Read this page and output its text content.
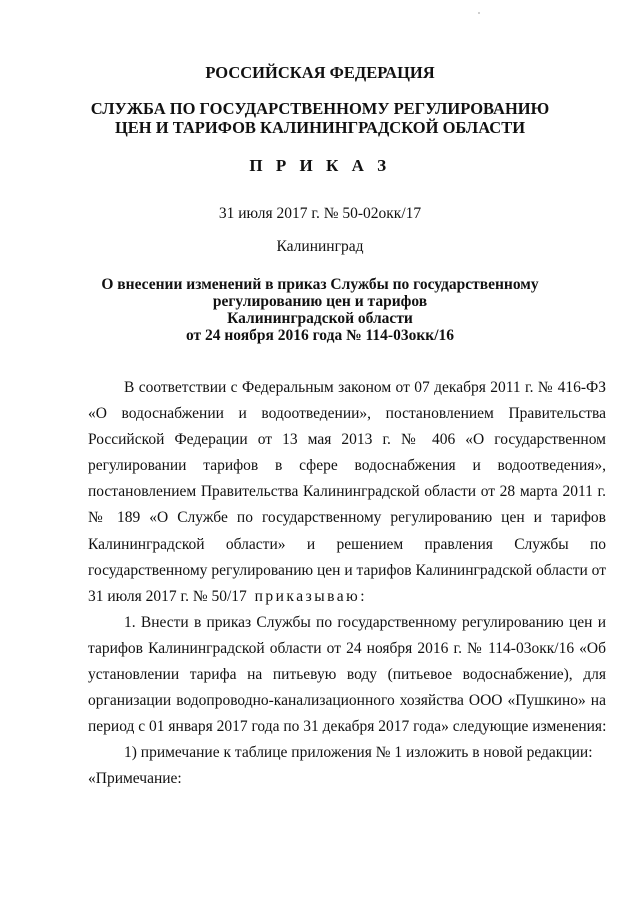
РОССИЙСКАЯ ФЕДЕРАЦИЯ
СЛУЖБА ПО ГОСУДАРСТВЕННОМУ РЕГУЛИРОВАНИЮ
ЦЕН И ТАРИФОВ КАЛИНИНГРАДСКОЙ ОБЛАСТИ
П Р И К А З
31 июля 2017 г. № 50-02окк/17
Калининград
О внесении изменений в приказ Службы по государственному
регулированию цен и тарифов
Калининградской области
от 24 ноября 2016 года № 114-03окк/16
В соответствии с Федеральным законом от 07 декабря 2011 г. № 416-ФЗ
«О водоснабжении и водоотведении», постановлением Правительства
Российской Федерации от 13 мая 2013 г. № 406 «О государственном
регулировании тарифов в сфере водоснабжения и водоотведения»,
постановлением Правительства Калининградской области от 28 марта 2011 г.
№ 189 «О Службе по государственному регулированию цен и тарифов
Калининградской области» и решением правления Службы по
государственному регулированию цен и тарифов Калининградской области от
31 июля 2017 г. № 50/17 приказываю:
1. Внести в приказ Службы по государственному регулированию цен и
тарифов Калининградской области от 24 ноября 2016 г. № 114-03окк/16 «Об
установлении тарифа на питьевую воду (питьевое водоснабжение), для
организации водопроводно-канализационного хозяйства ООО «Пушкино» на
период с 01 января 2017 года по 31 декабря 2017 года» следующие изменения:
1) примечание к таблице приложения № 1 изложить в новой редакции:
«Примечание:
